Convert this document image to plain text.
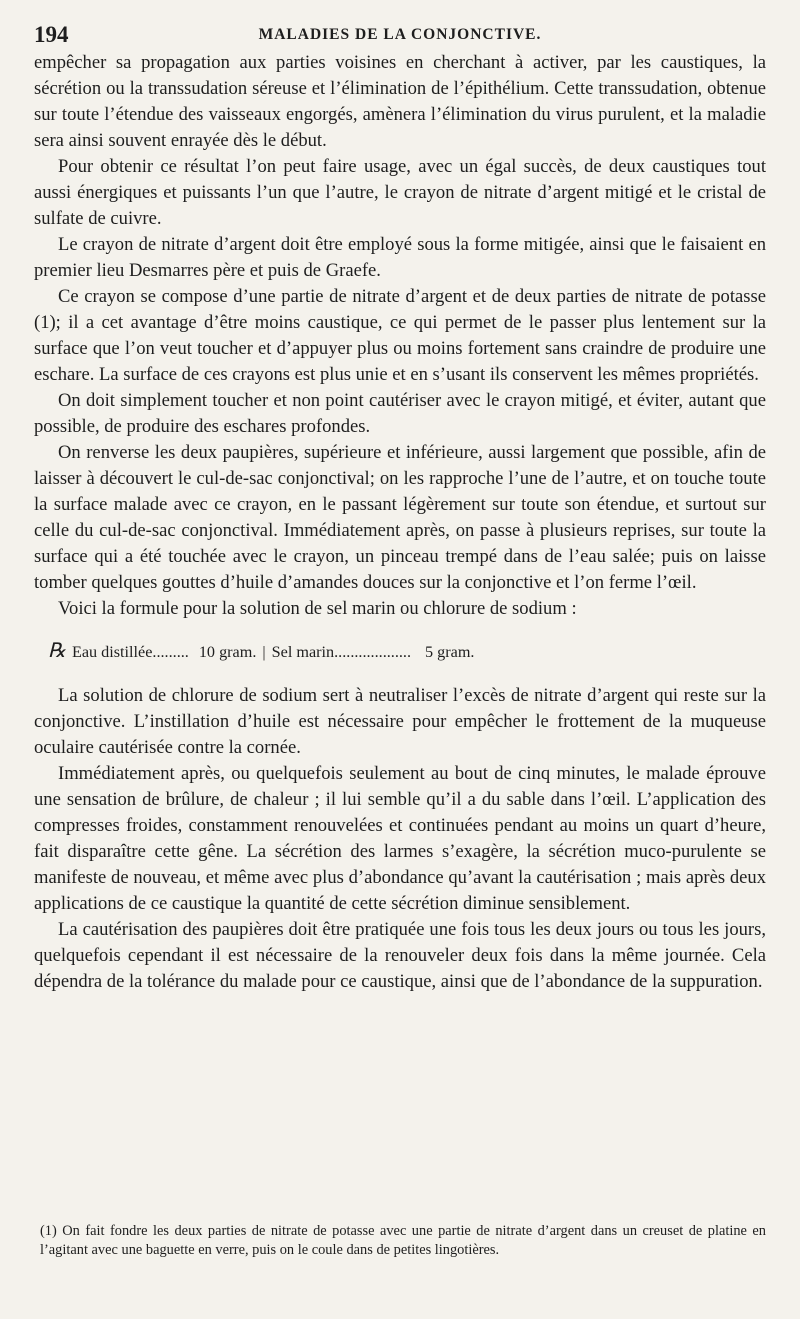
194	MALADIES DE LA CONJONCTIVE.

empêcher sa propagation aux parties voisines en cherchant à activer, par les caustiques, la sécrétion ou la transsudation séreuse et l’élimination de l’épithélium. Cette transsudation, obtenue sur toute l’étendue des vaisseaux engorgés, amènera l’élimination du virus purulent, et la maladie sera ainsi souvent enrayée dès le début.

Pour obtenir ce résultat l’on peut faire usage, avec un égal succès, de deux caustiques tout aussi énergiques et puissants l’un que l’autre, le crayon de nitrate d’argent mitigé et le cristal de sulfate de cuivre.

Le crayon de nitrate d’argent doit être employé sous la forme mitigée, ainsi que le faisaient en premier lieu Desmarres père et puis de Graefe.

Ce crayon se compose d’une partie de nitrate d’argent et de deux parties de nitrate de potasse (1); il a cet avantage d’être moins caustique, ce qui permet de le passer plus lentement sur la surface que l’on veut toucher et d’appuyer plus ou moins fortement sans craindre de produire une eschare. La surface de ces crayons est plus unie et en s’usant ils conservent les mêmes propriétés.

On doit simplement toucher et non point cautériser avec le crayon mitigé, et éviter, autant que possible, de produire des eschares profondes.

On renverse les deux paupières, supérieure et inférieure, aussi largement que possible, afin de laisser à découvert le cul-de-sac conjonctival; on les rapproche l’une de l’autre, et on touche toute la surface malade avec ce crayon, en le passant légèrement sur toute son étendue, et surtout sur celle du cul-de-sac conjonctival. Immédiatement après, on passe à plusieurs reprises, sur toute la surface qui a été touchée avec le crayon, un pinceau trempé dans de l’eau salée; puis on laisse tomber quelques gouttes d’huile d’amandes douces sur la conjonctive et l’on ferme l’œil.

Voici la formule pour la solution de sel marin ou chlorure de sodium :

℞ Eau distillée ......... 10 gram. | Sel marin ................... 5 gram.

La solution de chlorure de sodium sert à neutraliser l’excès de nitrate d’argent qui reste sur la conjonctive. L’instillation d’huile est nécessaire pour empêcher le frottement de la muqueuse oculaire cautérisée contre la cornée.

Immédiatement après, ou quelquefois seulement au bout de cinq minutes, le malade éprouve une sensation de brûlure, de chaleur ; il lui semble qu’il a du sable dans l’œil. L’application des compresses froides, constamment renouvelées et continuées pendant au moins un quart d’heure, fait disparaître cette gêne. La sécrétion des larmes s’exagère, la sécrétion muco-purulente se manifeste de nouveau, et même avec plus d’abondance qu’avant la cautérisation ; mais après deux applications de ce caustique la quantité de cette sécrétion diminue sensiblement.

La cautérisation des paupières doit être pratiquée une fois tous les deux jours ou tous les jours, quelquefois cependant il est nécessaire de la renouveler deux fois dans la même journée. Cela dépendra de la tolérance du malade pour ce caustique, ainsi que de l’abondance de la suppuration.

(1) On fait fondre les deux parties de nitrate de potasse avec une partie de nitrate d’argent dans un creuset de platine en l’agitant avec une baguette en verre, puis on le coule dans de petites lingotières.
